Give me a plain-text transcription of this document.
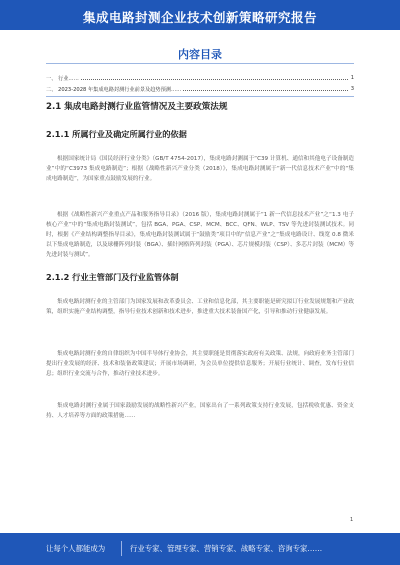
集成电路封测企业技术创新策略研究报告
内容目录
一、 行业……	1
二、 2023-2028 年集成电路封测行业前景及趋势预测……	3
2.1 集成电路封测行业监管情况及主要政策法规
2.1.1 所属行业及确定所属行业的依据

根据国家统计局《国民经济行业分类》（GB/T 4754-2017），集成电路封测属于“C39 计算机、通信和其他电子设备制造业”中的“C3973 集成电路制造”；根据《战略性新兴产业分类（2018）》，集成电路封测属于“新一代信息技术产业”中的“集成电路制造”，为国家重点鼓励发展的行业。

根据《战略性新兴产业重点产品和服务指导目录》（2016 版），集成电路封测属于“1 新一代信息技术产业”之“1.3 电子核心产业”中的“集成电路封装测试”，包括 BGA、PGA、CSP、MCM、BCC、QFN、WLP、TSV 等先进封装测试技术。同时，根据《产业结构调整指导目录》，集成电路封装测试属于“鼓励类”项目中的“信息产业”之“集成电路设计、线宽 0.8 微米以下集成电路制造，以及球栅阵列封装（BGA）、插针网格阵列封装（PGA）、芯片规模封装（CSP）、多芯片封装（MCM）等先进封装与测试”。

2.1.2 行业主管部门及行业监管体制

集成电路封测行业的主管部门为国家发展和改革委员会、工业和信息化部，其主要职能是研究拟订行业发展规划和产业政策，组织实施产业结构调整，指导行业技术创新和技术进步，推进重大技术装备国产化，引导和推动行业健康发展。

集成电路封测行业的自律组织为中国半导体行业协会，其主要职能是贯彻落实政府有关政策、法规，向政府业务主管部门提出行业发展的经济、技术和装备政策建议；开展市场调研，为会员单位提供信息服务；开展行业统计、调查，发布行业信息；组织行业交流与合作，推动行业技术进步。

集成电路封测行业属于国家鼓励发展的战略性新兴产业，国家出台了一系列政策支持行业发展，包括税收优惠、资金支持、人才培养等方面的政策措施……

1
让每个人都能成为	行业专家、管理专家、营销专家、战略专家、咨询专家……
